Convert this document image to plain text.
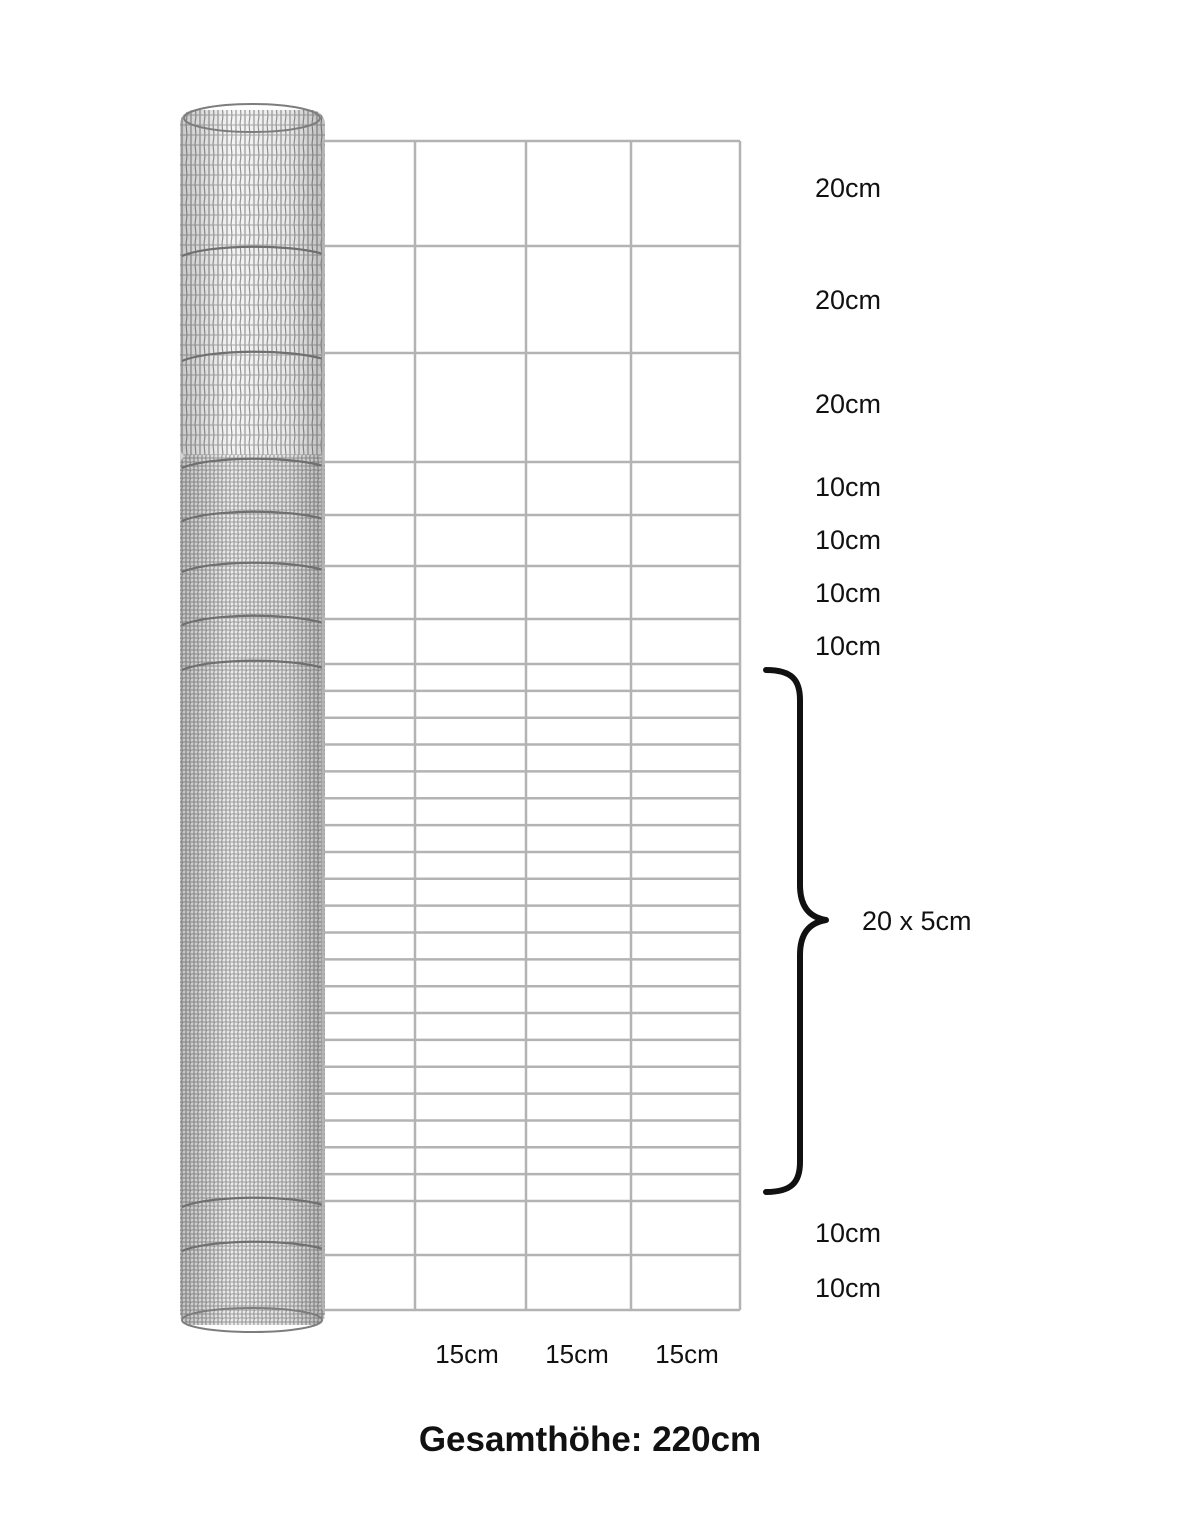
20cm
20cm
20cm
10cm
10cm
10cm
10cm
10cm
10cm
20 x 5cm
15cm 15cm 15cm
Gesamthöhe: 220cm
